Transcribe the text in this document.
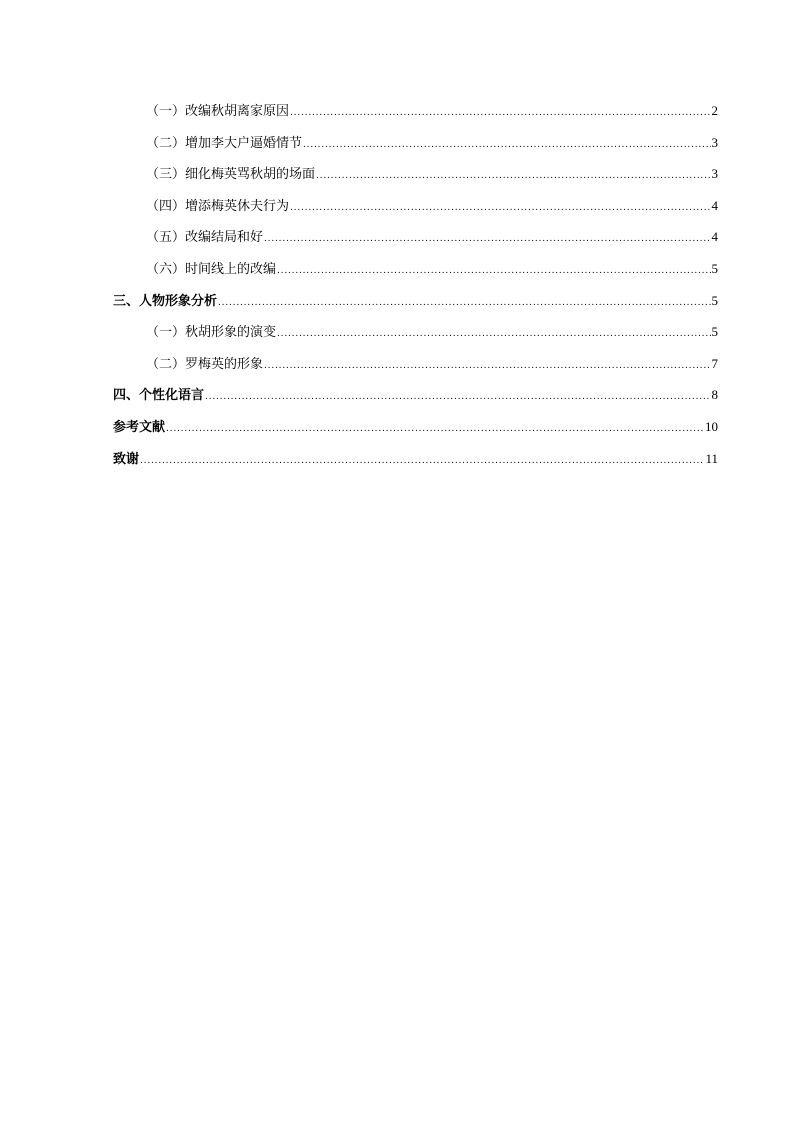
（一）改编秋胡离家原因 .....	2
（二）增加李大户逼婚情节 .....	3
（三）细化梅英骂秋胡的场面 .....	3
（四）增添梅英休夫行为 .....	4
（五）改编结局和好 .....	4
（六）时间线上的改编 .....	5
三、人物形象分析 .....	5
（一）秋胡形象的演变 .....	5
（二）罗梅英的形象 .....	7
四、个性化语言 .....	8
参考文献 .....	10
致谢 .....	11
